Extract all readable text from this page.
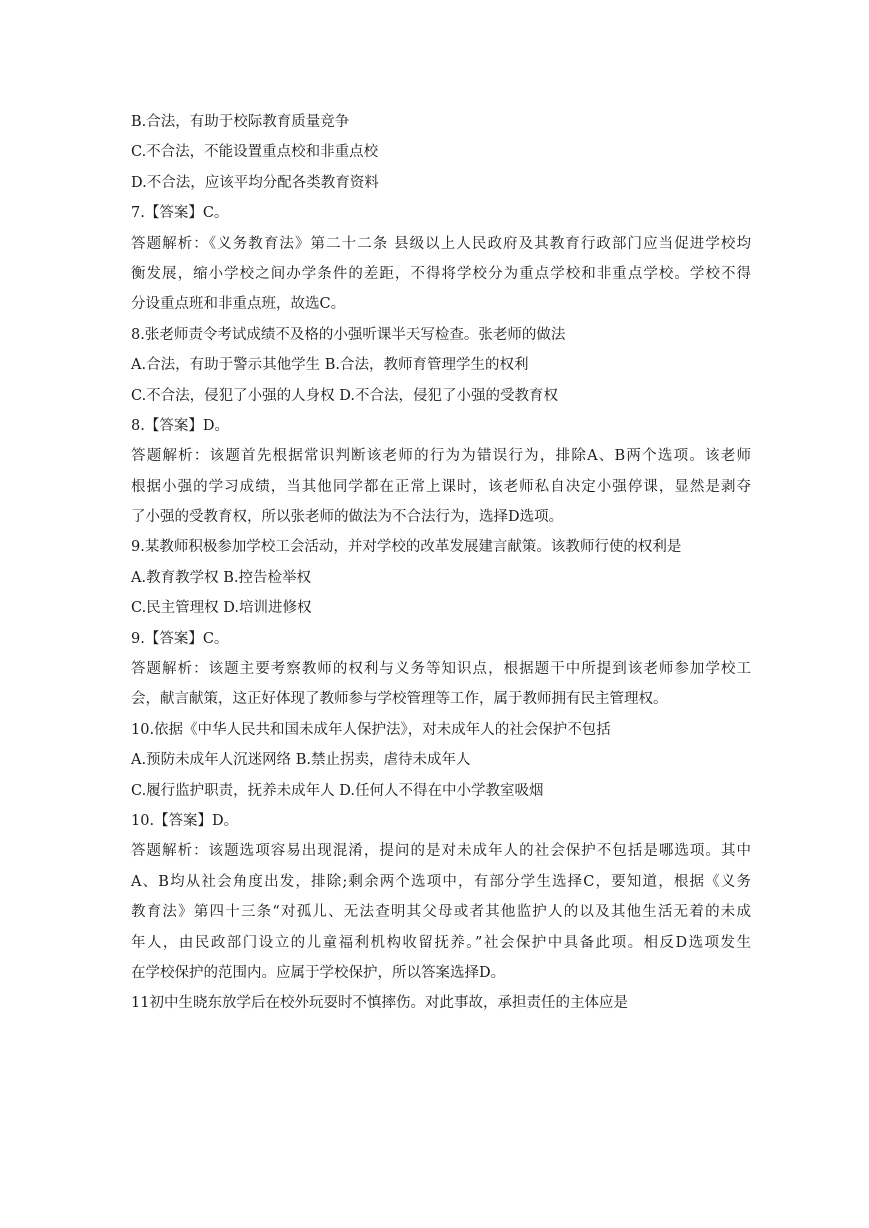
B.合法，有助于校际教育质量竞争
C.不合法，不能设置重点校和非重点校
D.不合法，应该平均分配各类教育资料
7.【答案】C。
答题解析：《义务教育法》第二十二条 县级以上人民政府及其教育行政部门应当促进学校均
衡发展，缩小学校之间办学条件的差距，不得将学校分为重点学校和非重点学校。学校不得
分设重点班和非重点班，故选C。
8.张老师责令考试成绩不及格的小强听课半天写检查。张老师的做法
A.合法，有助于警示其他学生 B.合法，教师育管理学生的权利
C.不合法，侵犯了小强的人身权 D.不合法，侵犯了小强的受教育权
8.【答案】D。
答题解析：该题首先根据常识判断该老师的行为为错误行为，排除A、B两个选项。该老师
根据小强的学习成绩，当其他同学都在正常上课时，该老师私自决定小强停课，显然是剥夺
了小强的受教育权，所以张老师的做法为不合法行为，选择D选项。
9.某教师积极参加学校工会活动，并对学校的改革发展建言献策。该教师行使的权利是
A.教育教学权 B.控告检举权
C.民主管理权 D.培训进修权
9.【答案】C。
答题解析：该题主要考察教师的权利与义务等知识点，根据题干中所提到该老师参加学校工
会，献言献策，这正好体现了教师参与学校管理等工作，属于教师拥有民主管理权。
10.依据《中华人民共和国未成年人保护法》，对未成年人的社会保护不包括
A.预防未成年人沉迷网络 B.禁止拐卖，虐待未成年人
C.履行监护职责，抚养未成年人 D.任何人不得在中小学教室吸烟
10.【答案】D。
答题解析：该题选项容易出现混淆，提问的是对未成年人的社会保护不包括是哪选项。其中
A、B均从社会角度出发，排除;剩余两个选项中，有部分学生选择C，要知道，根据《义务
教育法》第四十三条“对孤儿、无法查明其父母或者其他监护人的以及其他生活无着的未成
年人，由民政部门设立的儿童福利机构收留抚养。”社会保护中具备此项。相反D选项发生
在学校保护的范围内。应属于学校保护，所以答案选择D。
11初中生晓东放学后在校外玩耍时不慎摔伤。对此事故，承担责任的主体应是
